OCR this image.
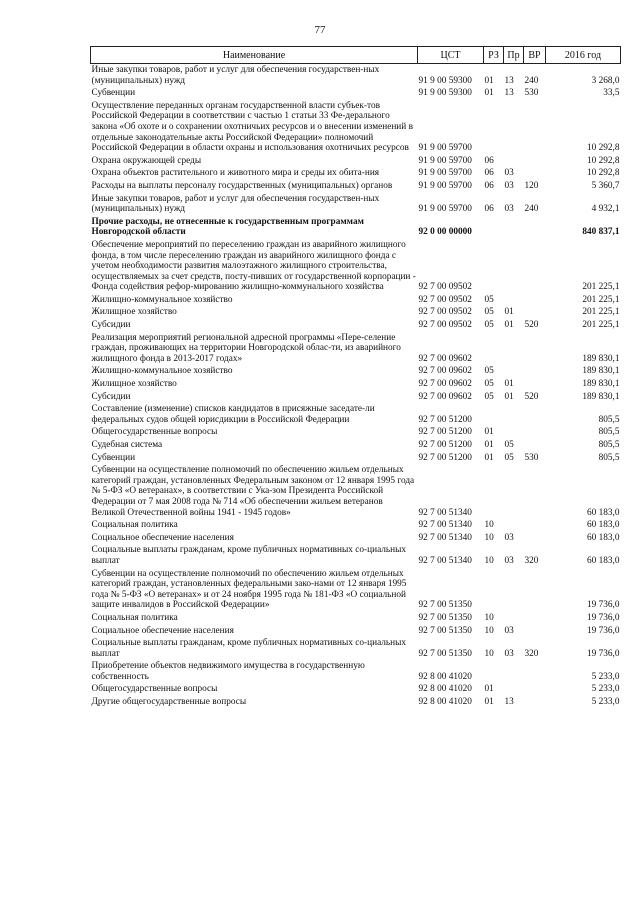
77
Наименование	ЦСТ	РЗ	Пр	ВР	2016 год
Иные закупки товаров, работ и услуг для обеспечения государствен-ных (муниципальных) нужд	91 9 00 59300	01	13	240	3 268,0
Субвенции	91 9 00 59300	01	13	530	33,5
Осуществление переданных органам государственной власти субъек-тов Российской Федерации в соответствии с частью 1 статьи 33 Фе-дерального закона «Об охоте и о сохранении охотничьих ресурсов и о внесении изменений в отдельные законодательные акты Российской Федерации» полномочий Российской Федерации в области охраны и использования охотничьих ресурсов	91 9 00 59700				10 292,8
Охрана окружающей среды	91 9 00 59700	06			10 292,8
Охрана объектов растительного и животного мира и среды их обита-ния	91 9 00 59700	06	03		10 292,8
Расходы на выплаты персоналу государственных (муниципальных) органов	91 9 00 59700	06	03	120	5 360,7
Иные закупки товаров, работ и услуг для обеспечения государствен-ных (муниципальных) нужд	91 9 00 59700	06	03	240	4 932,1
Прочие расходы, не отнесенные к государственным программам Новгородской области	92 0 00 00000				840 837,1
Обеспечение мероприятий по переселению граждан из аварийного жилищного фонда, в том числе переселению граждан из аварийного жилищного фонда с учетом необходимости развития малоэтажного жилищного строительства, осуществляемых за счет средств, посту-пивших от государственной корпорации - Фонда содействия рефор-мированию жилищно-коммунального хозяйства	92 7 00 09502				201 225,1
Жилищно-коммунальное хозяйство	92 7 00 09502	05			201 225,1
Жилищное хозяйство	92 7 00 09502	05	01		201 225,1
Субсидии	92 7 00 09502	05	01	520	201 225,1
Реализация мероприятий региональной адресной программы «Пере-селение граждан, проживающих на территории Новгородской облас-ти, из аварийного жилищного фонда в 2013-2017 годах»	92 7 00 09602				189 830,1
Жилищно-коммунальное хозяйство	92 7 00 09602	05			189 830,1
Жилищное хозяйство	92 7 00 09602	05	01		189 830,1
Субсидии	92 7 00 09602	05	01	520	189 830,1
Составление (изменение) списков кандидатов в присяжные заседате-ли федеральных судов общей юрисдикции в Российской Федерации	92 7 00 51200				805,5
Общегосударственные вопросы	92 7 00 51200	01			805,5
Судебная система	92 7 00 51200	01	05		805,5
Субвенции	92 7 00 51200	01	05	530	805,5
Субвенции на осуществление полномочий по обеспечению жильем отдельных категорий граждан, установленных Федеральным законом от 12 января 1995 года № 5-ФЗ «О ветеранах», в соответствии с Ука-зом Президента Российской Федерации от 7 мая 2008 года № 714 «Об обеспечении жильем ветеранов Великой Отечественной войны 1941 - 1945 годов»	92 7 00 51340				60 183,0
Социальная политика	92 7 00 51340	10			60 183,0
Социальное обеспечение населения	92 7 00 51340	10	03		60 183,0
Социальные выплаты гражданам, кроме публичных нормативных со-циальных выплат	92 7 00 51340	10	03	320	60 183,0
Субвенции на осуществление полномочий по обеспечению жильем отдельных категорий граждан, установленных федеральными зако-нами от 12 января 1995 года № 5-ФЗ «О ветеранах» и от 24 ноября 1995 года № 181-ФЗ «О социальной защите инвалидов в Российской Федерации»	92 7 00 51350				19 736,0
Социальная политика	92 7 00 51350	10			19 736,0
Социальное обеспечение населения	92 7 00 51350	10	03		19 736,0
Социальные выплаты гражданам, кроме публичных нормативных со-циальных выплат	92 7 00 51350	10	03	320	19 736,0
Приобретение объектов недвижимого имущества в государственную собственность	92 8 00 41020				5 233,0
Общегосударственные вопросы	92 8 00 41020	01			5 233,0
Другие общегосударственные вопросы	92 8 00 41020	01	13		5 233,0
